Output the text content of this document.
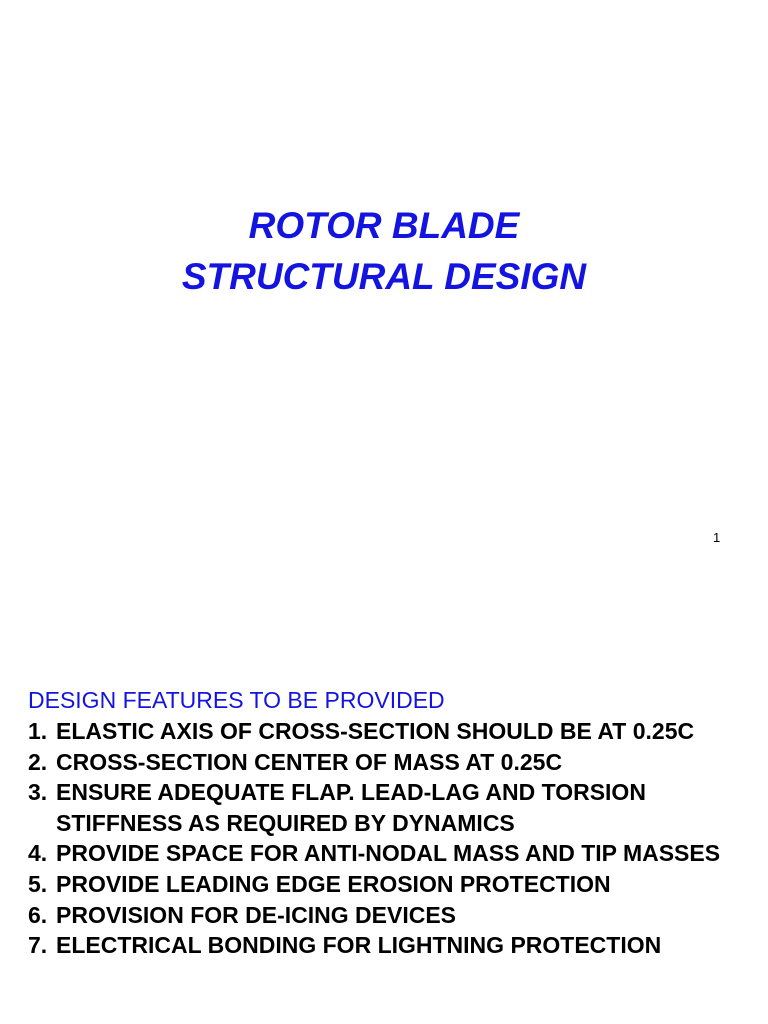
ROTOR BLADE
STRUCTURAL DESIGN
1
DESIGN FEATURES TO BE PROVIDED
1. ELASTIC AXIS OF CROSS-SECTION SHOULD BE AT 0.25C
2. CROSS-SECTION CENTER OF MASS AT 0.25C
3. ENSURE ADEQUATE FLAP. LEAD-LAG AND TORSION STIFFNESS AS REQUIRED BY DYNAMICS
4. PROVIDE SPACE FOR ANTI-NODAL MASS AND TIP MASSES
5. PROVIDE LEADING EDGE EROSION PROTECTION
6. PROVISION FOR DE-ICING DEVICES
7. ELECTRICAL BONDING FOR LIGHTNING PROTECTION
